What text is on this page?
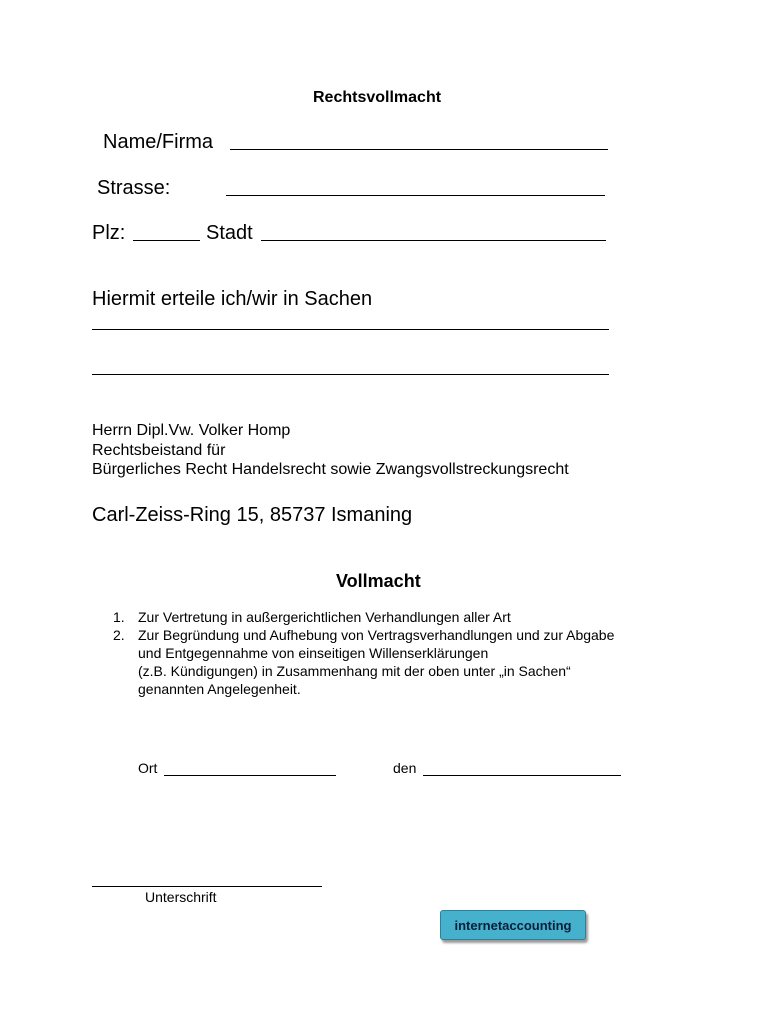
Rechtsvollmacht
Name/Firma
Strasse:
Plz:	Stadt
Hiermit erteile ich/wir in Sachen
Herrn Dipl.Vw. Volker Homp
Rechtsbeistand für
Bürgerliches Recht Handelsrecht sowie Zwangsvollstreckungsrecht
Carl-Zeiss-Ring 15, 85737 Ismaning
Vollmacht
1. Zur Vertretung in außergerichtlichen Verhandlungen aller Art
2. Zur Begründung und Aufhebung von Vertragsverhandlungen und zur Abgabe
und Entgegennahme von einseitigen Willenserklärungen
(z.B. Kündigungen) in Zusammenhang mit der oben unter „in Sachen“
genannten Angelegenheit.
Ort	den
Unterschrift
internetaccounting
